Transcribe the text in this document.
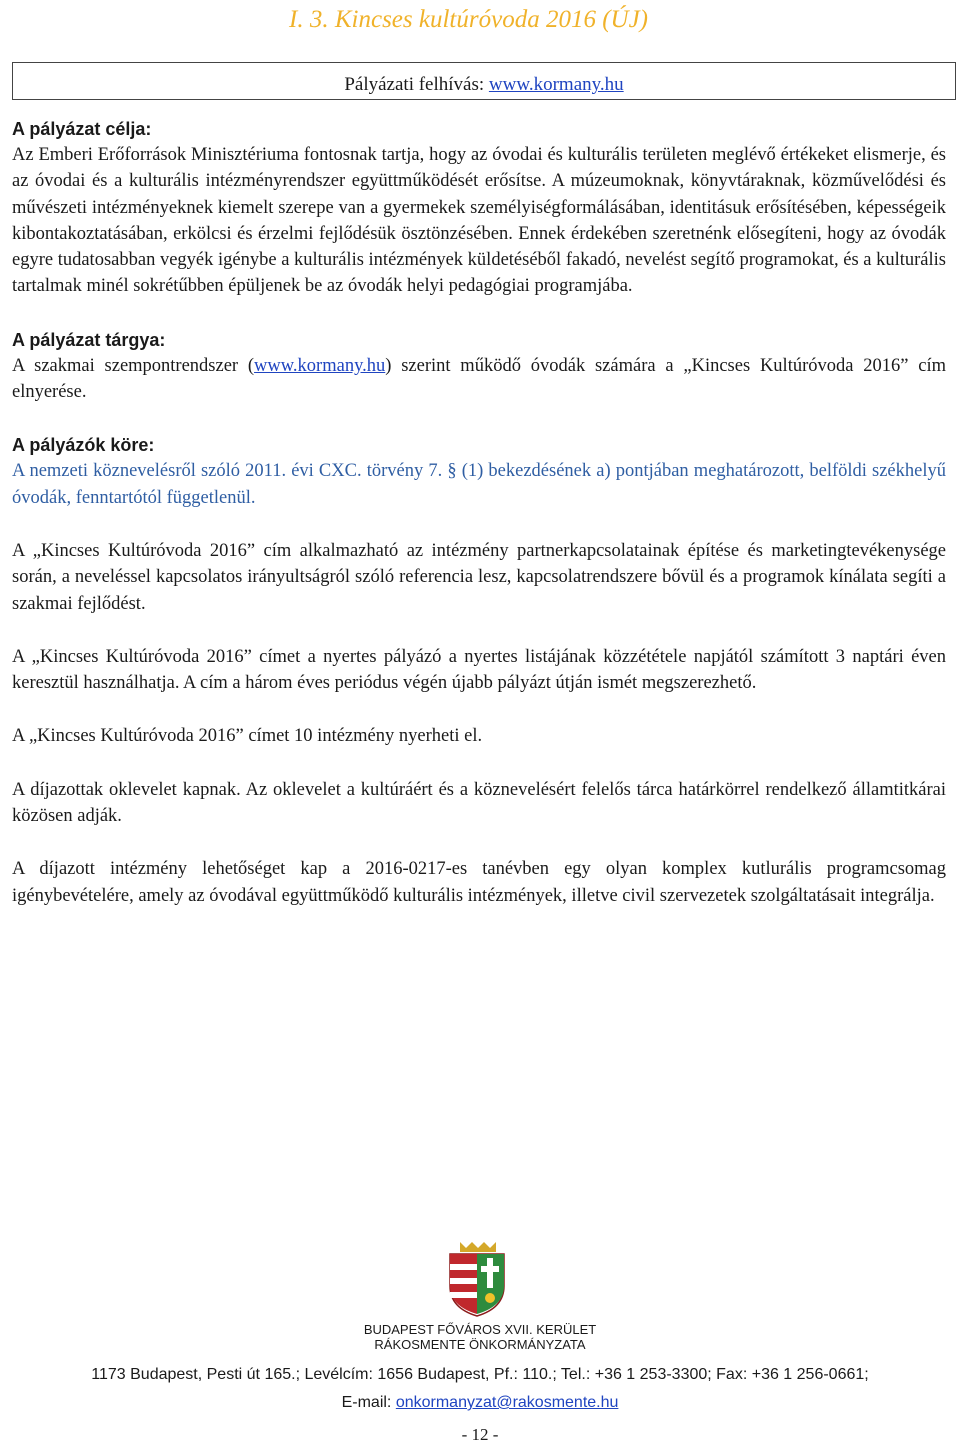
I. 3. Kincses kultúróvoda 2016 (ÚJ)
Pályázati felhívás: www.kormany.hu
A pályázat célja:

Az Emberi Erőforrások Minisztériuma fontosnak tartja, hogy az óvodai és kulturális területen meglévő értékeket elismerje, és az óvodai és a kulturális intézményrendszer együttműködését erősítse. A múzeumoknak, könyvtáraknak, közművelődési és művészeti intézményeknek kiemelt szerepe van a gyermekek személyiségformálásában, identitásuk erősítésében, képességeik kibontakoztatásában, erkölcsi és érzelmi fejlődésük ösztönzésében. Ennek érdekében szeretnénk elősegíteni, hogy az óvodák egyre tudatosabban vegyék igénybe a kulturális intézmények küldetéséből fakadó, nevelést segítő programokat, és a kulturális tartalmak minél sokrétűbben épüljenek be az óvodák helyi pedagógiai programjába.

A pályázat tárgya:

A szakmai szempontrendszer (www.kormany.hu) szerint működő óvodák számára a „Kincses Kultúróvoda 2016” cím elnyerése.

A pályázók köre:

A nemzeti köznevelésről szóló 2011. évi CXC. törvény 7. § (1) bekezdésének a) pontjában meghatározott, belföldi székhelyű óvodák, fenntartótól függetlenül.

A „Kincses Kultúróvoda 2016” cím alkalmazható az intézmény partnerkapcsolatainak építése és marketingtevékenysége során, a neveléssel kapcsolatos irányultságról szóló referencia lesz, kapcsolatrendszere bővül és a programok kínálata segíti a szakmai fejlődést.

A „Kincses Kultúróvoda 2016” címet a nyertes pályázó a nyertes listájának közzététele napjától számított 3 naptári éven keresztül használhatja. A cím a három éves periódus végén újabb pályázt útján ismét megszerezhető.

A „Kincses Kultúróvoda 2016” címet 10 intézmény nyerheti el.

A díjazottak oklevelet kapnak. Az oklevelet a kultúráért és a köznevelésért felelős tárca határkörrel rendelkező államtitkárai közösen adják.

A díjazott intézmény lehetőséget kap a 2016-0217-es tanévben egy olyan komplex kutlurális programcsomag igénybevételére, amely az óvodával együttműködő kulturális intézmények, illetve civil szervezetek szolgáltatásait integrálja.

BUDAPEST FŐVÁROS XVII. KERÜLET
RÁKOSMENTE ÖNKORMÁNYZATA
1173 Budapest, Pesti út 165.; Levélcím: 1656 Budapest, Pf.: 110.; Tel.: +36 1 253-3300; Fax: +36 1 256-0661;
E-mail: onkormanyzat@rakosmente.hu
- 12 -
